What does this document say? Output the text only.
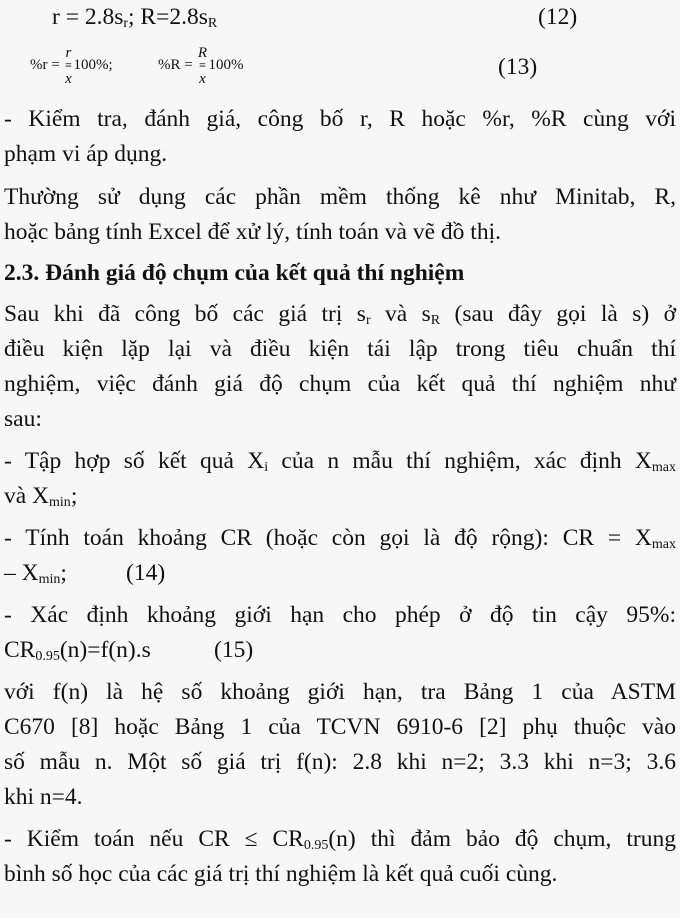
$r = 2.8s_r$; $R=2.8s_R$	(12)
%r =
r
≡
x
100%;	%R =
R
≡
x
100%	(13)
- Kiểm tra, đánh giá, công bố r, R hoặc %r, %R cùng với
phạm vi áp dụng.
Thường sử dụng các phần mềm thống kê như Minitab, R,
hoặc bảng tính Excel để xử lý, tính toán và vẽ đồ thị.
2.3. Đánh giá độ chụm của kết quả thí nghiệm
Sau khi đã công bố các giá trị $s_r$ và $s_R$ (sau đây gọi là s) ở
điều kiện lặp lại và điều kiện tái lập trong tiêu chuẩn thí
nghiệm, việc đánh giá độ chụm của kết quả thí nghiệm như
sau:
- Tập hợp số kết quả $X_i$ của n mẫu thí nghiệm, xác định $X_{max}$
và $X_{min}$;
- Tính toán khoảng CR (hoặc còn gọi là độ rộng): CR = $X_{max}$
– $X_{min}$;	(14)
- Xác định khoảng giới hạn cho phép ở độ tin cậy 95%:
$CR_{0.95}(n)=f(n).s$	(15)
với f(n) là hệ số khoảng giới hạn, tra Bảng 1 của ASTM
C670 [8] hoặc Bảng 1 của TCVN 6910-6 [2] phụ thuộc vào
số mẫu n. Một số giá trị f(n): 2.8 khi n=2; 3.3 khi n=3; 3.6
khi n=4.
- Kiểm toán nếu CR ≤ $CR_{0.95}(n)$ thì đảm bảo độ chụm, trung
bình số học của các giá trị thí nghiệm là kết quả cuối cùng.
